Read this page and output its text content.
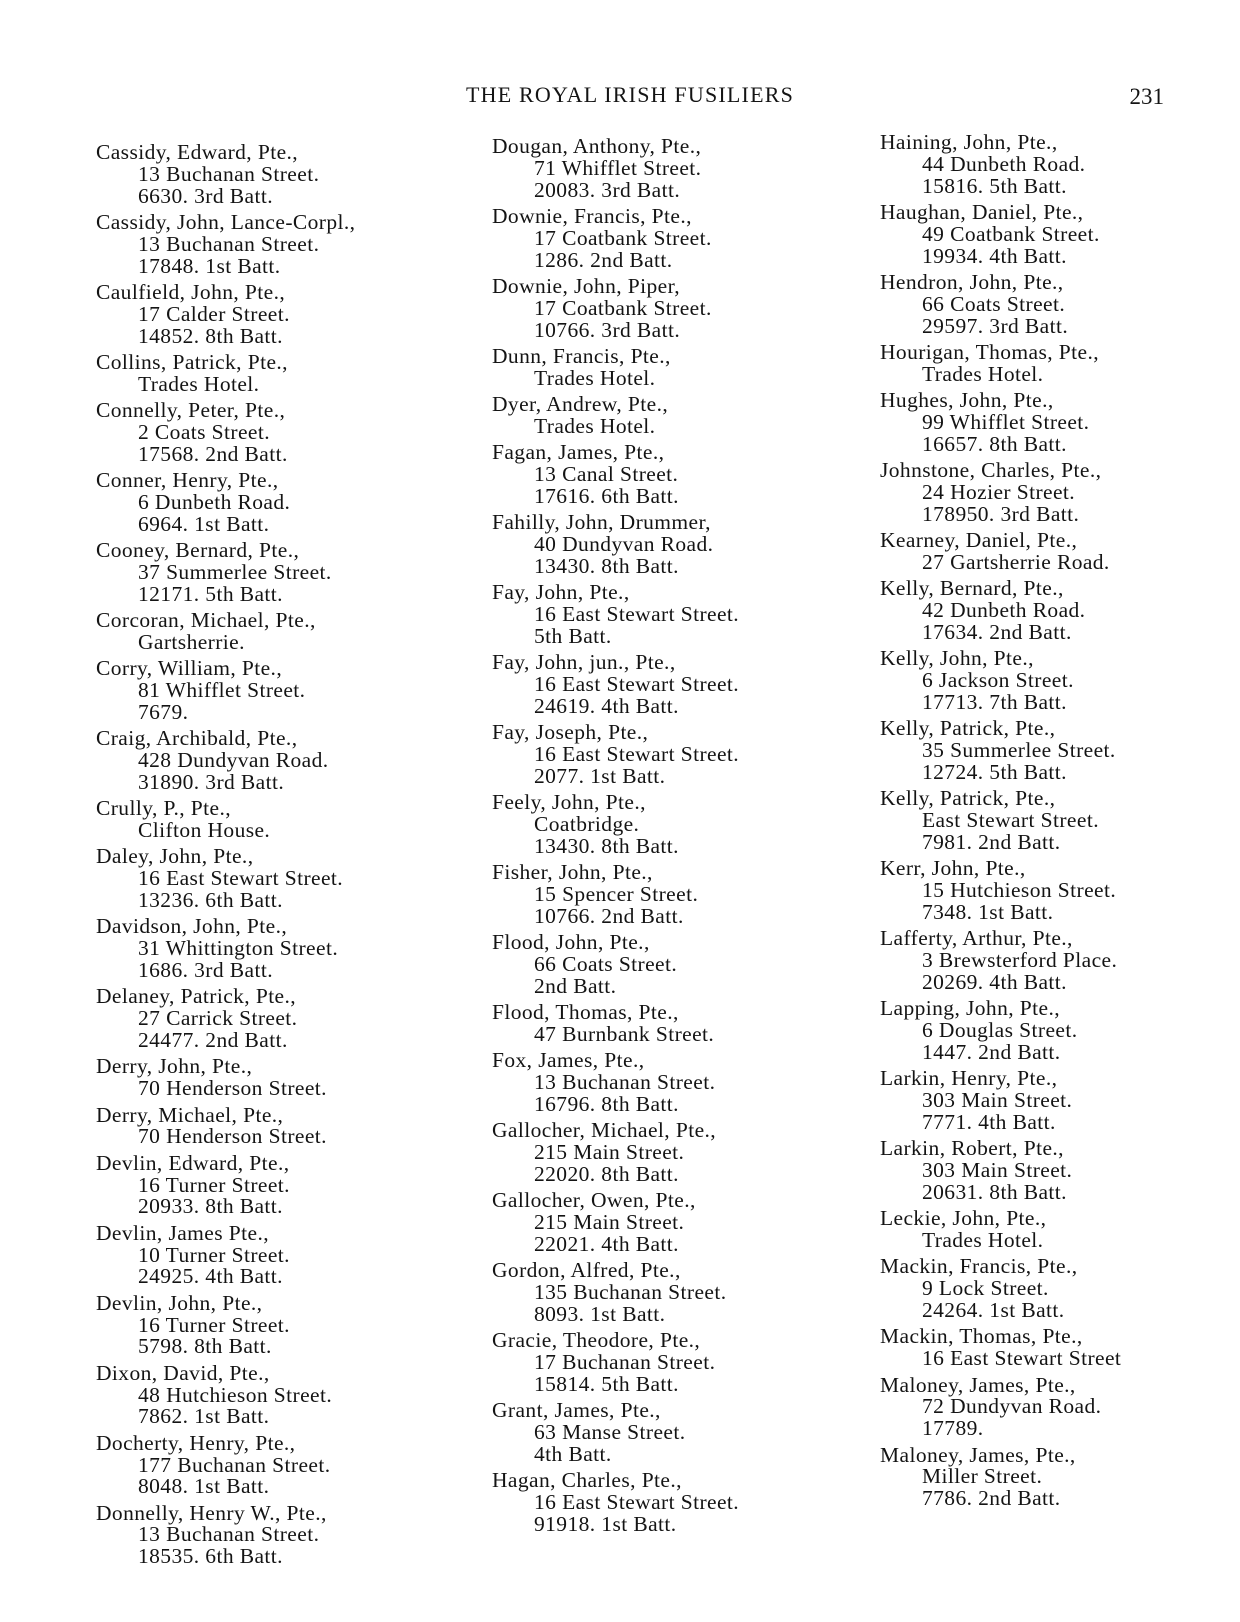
THE ROYAL IRISH FUSILIERS	231
Cassidy, Edward, Pte.,
13 Buchanan Street.
6630. 3rd Batt.
Cassidy, John, Lance-Corpl.,
13 Buchanan Street.
17848. 1st Batt.
Caulfield, John, Pte.,
17 Calder Street.
14852. 8th Batt.
Collins, Patrick, Pte.,
Trades Hotel.
Connelly, Peter, Pte.,
2 Coats Street.
17568. 2nd Batt.
Conner, Henry, Pte.,
6 Dunbeth Road.
6964. 1st Batt.
Cooney, Bernard, Pte.,
37 Summerlee Street.
12171. 5th Batt.
Corcoran, Michael, Pte.,
Gartsherrie.
Corry, William, Pte.,
81 Whifflet Street.
7679.
Craig, Archibald, Pte.,
428 Dundyvan Road.
31890. 3rd Batt.
Crully, P., Pte.,
Clifton House.
Daley, John, Pte.,
16 East Stewart Street.
13236. 6th Batt.
Davidson, John, Pte.,
31 Whittington Street.
1686. 3rd Batt.
Delaney, Patrick, Pte.,
27 Carrick Street.
24477. 2nd Batt.
Derry, John, Pte.,
70 Henderson Street.
Derry, Michael, Pte.,
70 Henderson Street.
Devlin, Edward, Pte.,
16 Turner Street.
20933. 8th Batt.
Devlin, James Pte.,
10 Turner Street.
24925. 4th Batt.
Devlin, John, Pte.,
16 Turner Street.
5798. 8th Batt.
Dixon, David, Pte.,
48 Hutchieson Street.
7862. 1st Batt.
Docherty, Henry, Pte.,
177 Buchanan Street.
8048. 1st Batt.
Donnelly, Henry W., Pte.,
13 Buchanan Street.
18535. 6th Batt.
Dougan, Anthony, Pte.,
71 Whifflet Street.
20083. 3rd Batt.
Downie, Francis, Pte.,
17 Coatbank Street.
1286. 2nd Batt.
Downie, John, Piper,
17 Coatbank Street.
10766. 3rd Batt.
Dunn, Francis, Pte.,
Trades Hotel.
Dyer, Andrew, Pte.,
Trades Hotel.
Fagan, James, Pte.,
13 Canal Street.
17616. 6th Batt.
Fahilly, John, Drummer,
40 Dundyvan Road.
13430. 8th Batt.
Fay, John, Pte.,
16 East Stewart Street.
5th Batt.
Fay, John, jun., Pte.,
16 East Stewart Street.
24619. 4th Batt.
Fay, Joseph, Pte.,
16 East Stewart Street.
2077. 1st Batt.
Feely, John, Pte.,
Coatbridge.
13430. 8th Batt.
Fisher, John, Pte.,
15 Spencer Street.
10766. 2nd Batt.
Flood, John, Pte.,
66 Coats Street.
2nd Batt.
Flood, Thomas, Pte.,
47 Burnbank Street.
Fox, James, Pte.,
13 Buchanan Street.
16796. 8th Batt.
Gallocher, Michael, Pte.,
215 Main Street.
22020. 8th Batt.
Gallocher, Owen, Pte.,
215 Main Street.
22021. 4th Batt.
Gordon, Alfred, Pte.,
135 Buchanan Street.
8093. 1st Batt.
Gracie, Theodore, Pte.,
17 Buchanan Street.
15814. 5th Batt.
Grant, James, Pte.,
63 Manse Street.
4th Batt.
Hagan, Charles, Pte.,
16 East Stewart Street.
91918. 1st Batt.
Haining, John, Pte.,
44 Dunbeth Road.
15816. 5th Batt.
Haughan, Daniel, Pte.,
49 Coatbank Street.
19934. 4th Batt.
Hendron, John, Pte.,
66 Coats Street.
29597. 3rd Batt.
Hourigan, Thomas, Pte.,
Trades Hotel.
Hughes, John, Pte.,
99 Whifflet Street.
16657. 8th Batt.
Johnstone, Charles, Pte.,
24 Hozier Street.
178950. 3rd Batt.
Kearney, Daniel, Pte.,
27 Gartsherrie Road.
Kelly, Bernard, Pte.,
42 Dunbeth Road.
17634. 2nd Batt.
Kelly, John, Pte.,
6 Jackson Street.
17713. 7th Batt.
Kelly, Patrick, Pte.,
35 Summerlee Street.
12724. 5th Batt.
Kelly, Patrick, Pte.,
East Stewart Street.
7981. 2nd Batt.
Kerr, John, Pte.,
15 Hutchieson Street.
7348. 1st Batt.
Lafferty, Arthur, Pte.,
3 Brewsterford Place.
20269. 4th Batt.
Lapping, John, Pte.,
6 Douglas Street.
1447. 2nd Batt.
Larkin, Henry, Pte.,
303 Main Street.
7771. 4th Batt.
Larkin, Robert, Pte.,
303 Main Street.
20631. 8th Batt.
Leckie, John, Pte.,
Trades Hotel.
Mackin, Francis, Pte.,
9 Lock Street.
24264. 1st Batt.
Mackin, Thomas, Pte.,
16 East Stewart Street
Maloney, James, Pte.,
72 Dundyvan Road.
17789.
Maloney, James, Pte.,
Miller Street.
7786. 2nd Batt.
